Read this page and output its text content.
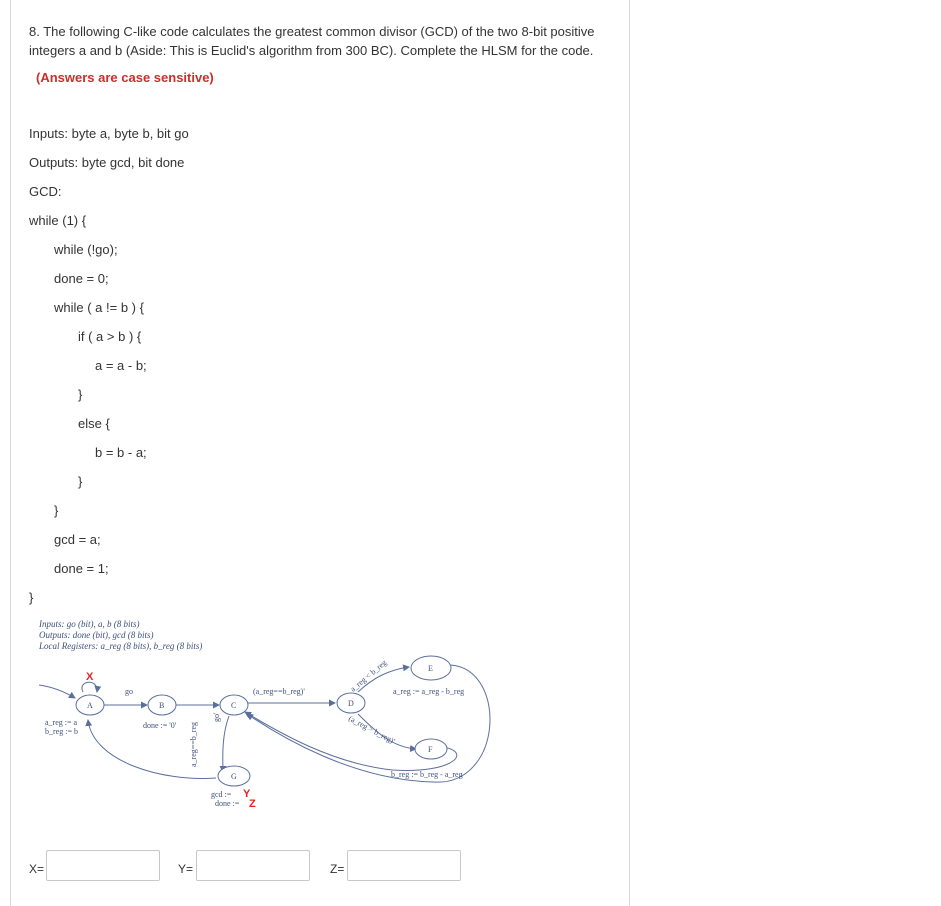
8. The following C-like code calculates the greatest common divisor (GCD) of the two 8-bit positive integers a and b (Aside: This is Euclid's algorithm from 300 BC). Complete the HLSM for the code.
(Answers are case sensitive)
Inputs: byte a, byte b, bit go
Outputs: byte gcd, bit done
GCD:
while (1) {
while (!go);
done = 0;
while ( a != b ) {
if ( a > b ) {
a = a - b;
}
else {
b = b - a;
}
}
gcd = a;
done = 1;
}
Inputs: go (bit), a, b (8 bits)
Outputs: done (bit), gcd (8 bits)
Local Registers: a_reg (8 bits), b_reg (8 bits)
A	B	C	D
E
F
G
X
go
a_reg := a
b_reg := b
done := '0'
go'
a_reg==b_reg
(a_reg==b_reg)'	a_reg < b_reg
(a_reg > b_reg)'
a_reg := a_reg - b_reg
b_reg := b_reg - a_reg
gcd := Y
done := Z
X=	Y=	Z=
